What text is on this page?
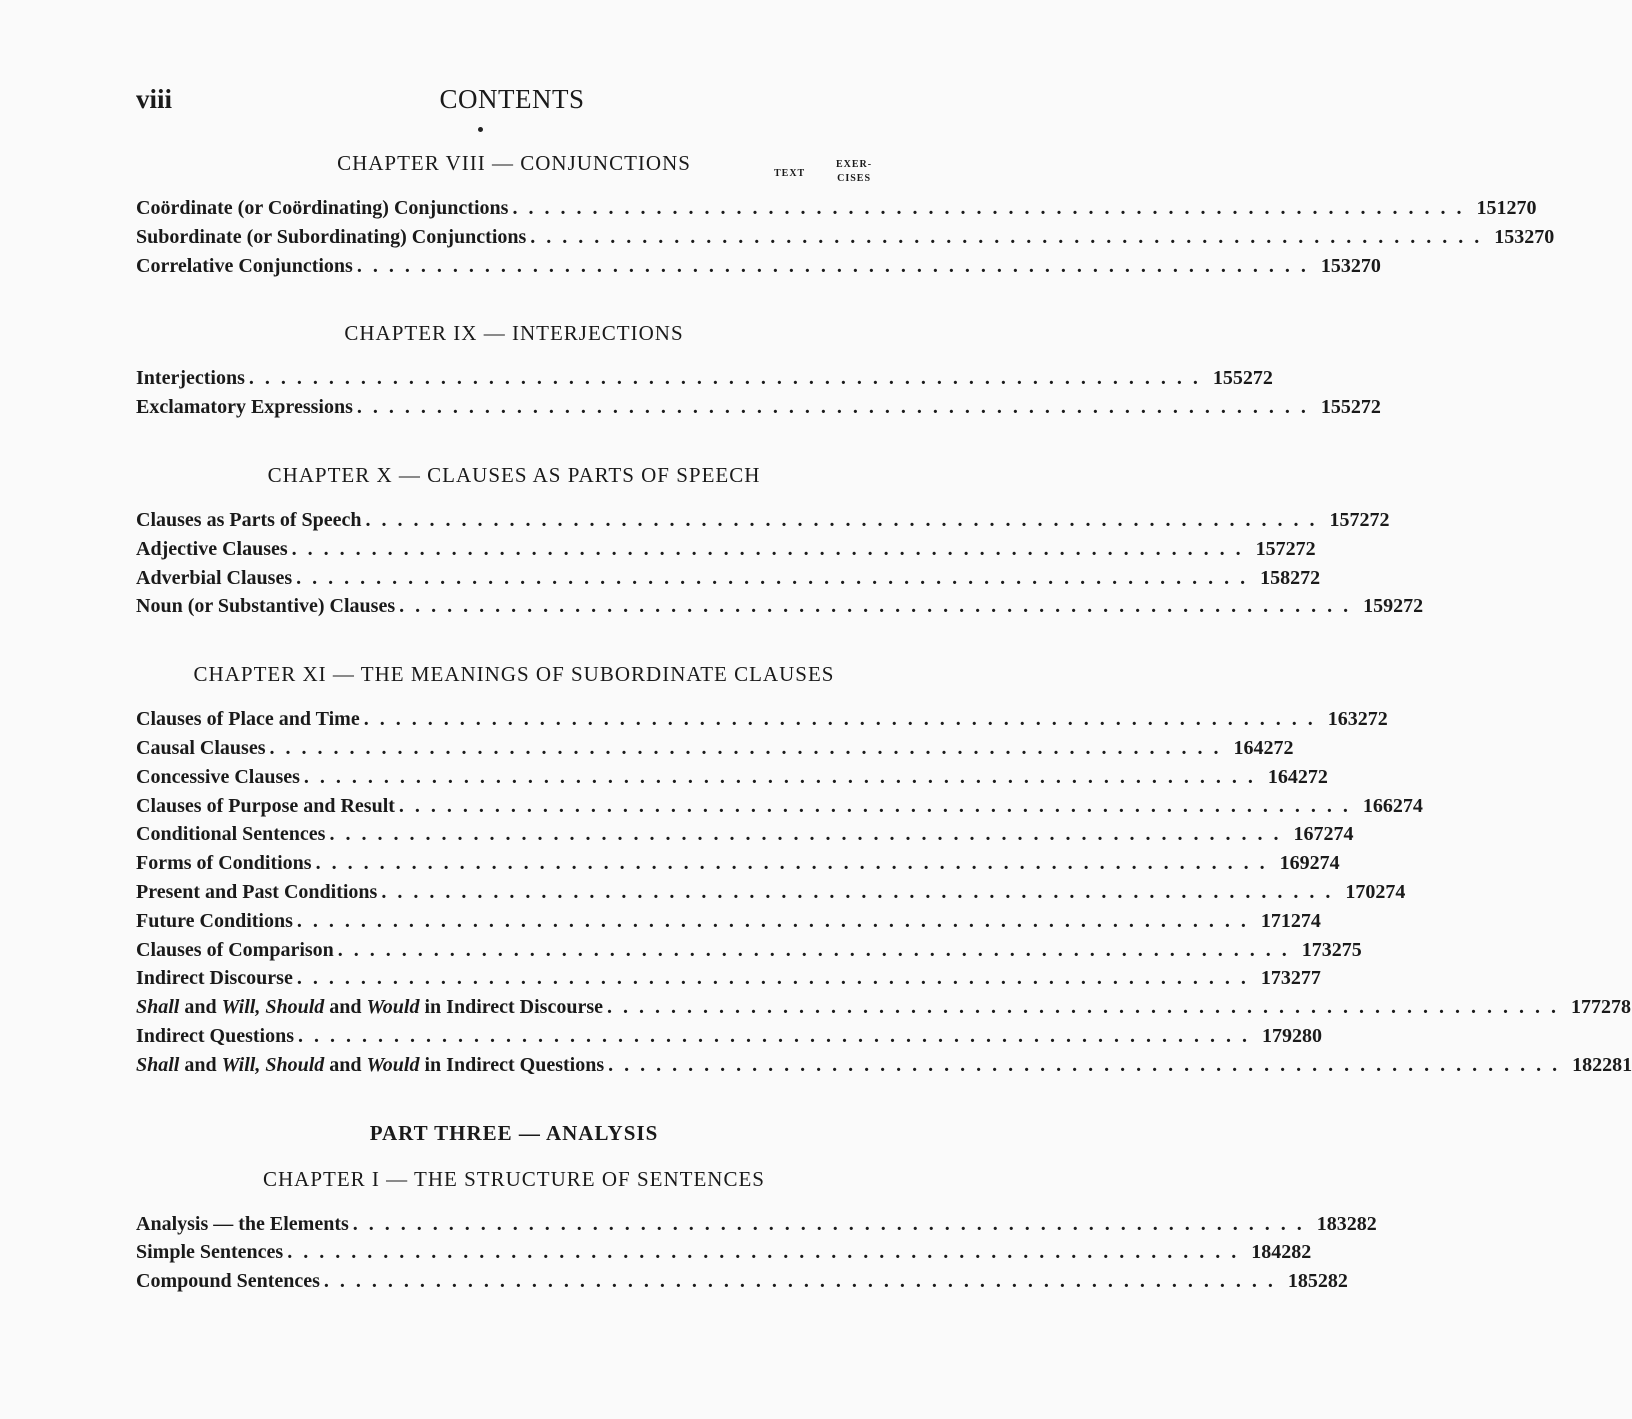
viii	CONTENTS
TEXT
EXER-
CISES
CHAPTER VIII — CONJUNCTIONS
Coördinate (or Coördinating) Conjunctions ............................................................ 151 270
Subordinate (or Subordinating) Conjunctions ............................................................ 153 270
Correlative Conjunctions ............................................................ 153 270
CHAPTER IX — INTERJECTIONS
Interjections ............................................................ 155 272
Exclamatory Expressions ............................................................ 155 272
CHAPTER X — CLAUSES AS PARTS OF SPEECH
Clauses as Parts of Speech ............................................................ 157 272
Adjective Clauses ............................................................ 157 272
Adverbial Clauses ............................................................ 158 272
Noun (or Substantive) Clauses ............................................................ 159 272
CHAPTER XI — THE MEANINGS OF SUBORDINATE CLAUSES
Clauses of Place and Time ............................................................ 163 272
Causal Clauses ............................................................ 164 272
Concessive Clauses ............................................................ 164 272
Clauses of Purpose and Result ............................................................ 166 274
Conditional Sentences ............................................................ 167 274
Forms of Conditions ............................................................ 169 274
Present and Past Conditions ............................................................ 170 274
Future Conditions ............................................................ 171 274
Clauses of Comparison ............................................................ 173 275
Indirect Discourse ............................................................ 173 277
Shall and Will, Should and Would in Indirect Discourse ............................................................ 177 278
Indirect Questions ............................................................ 179 280
Shall and Will, Should and Would in Indirect Questions ............................................................ 182 281
PART THREE — ANALYSIS
CHAPTER I — THE STRUCTURE OF SENTENCES
Analysis — the Elements ............................................................ 183 282
Simple Sentences ............................................................ 184 282
Compound Sentences ............................................................ 185 282
